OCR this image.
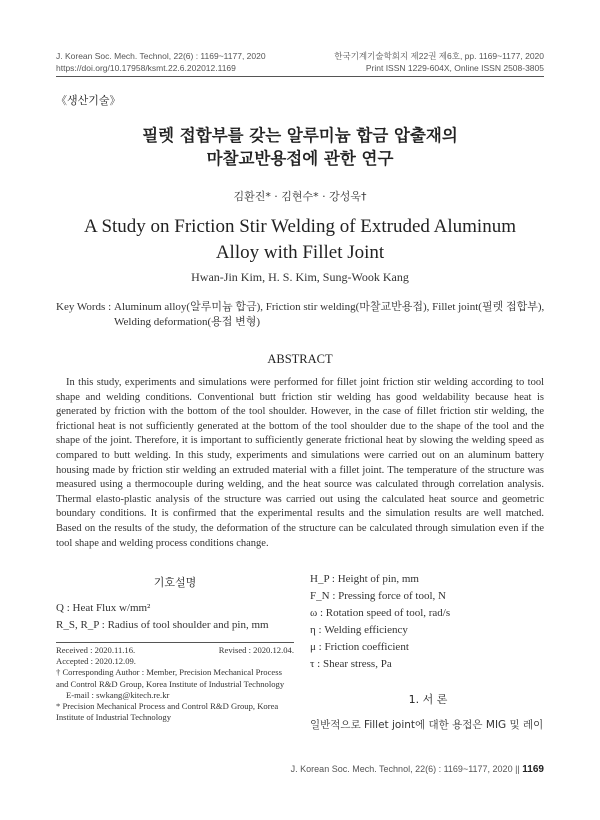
J. Korean Soc. Mech. Technol, 22(6) : 1169~1177, 2020
https://doi.org/10.17958/ksmt.22.6.202012.1169
한국기계기술학회지 제22권 제6호, pp. 1169~1177, 2020
Print ISSN 1229-604X, Online ISSN 2508-3805
《생산기술》
필렛 접합부를 갖는 알루미늄 합금 압출재의
마찰교반용접에 관한 연구
김환진* · 김현수* · 강성욱†
A Study on Friction Stir Welding of Extruded Aluminum
Alloy with Fillet Joint
Hwan-Jin Kim, H. S. Kim, Sung-Wook Kang
Key Words : Aluminum alloy(알루미늄 합금), Friction stir welding(마찰교반용접), Fillet joint(필렛 접합부), Welding deformation(용접 변형)
ABSTRACT

In this study, experiments and simulations were performed for fillet joint friction stir welding according to tool shape and welding conditions. Conventional butt friction stir welding has good weldability because heat is generated by friction with the bottom of the tool shoulder. However, in the case of fillet friction stir welding, the frictional heat is not sufficiently generated at the bottom of the tool shoulder due to the shape of the tool and the shape of the joint. Therefore, it is important to sufficiently generate frictional heat by slowing the welding speed as compared to butt welding. In this study, experiments and simulations were carried out on an aluminum battery housing made by friction stir welding an extruded material with a fillet joint. The temperature of the structure was measured using a thermocouple during welding, and the heat source was calculated through correlation analysis. Thermal elasto-plastic analysis of the structure was carried out using the calculated heat source and geometric boundary conditions. It is confirmed that the experimental results and the simulation results are well matched. Based on the results of the study, the deformation of the structure can be calculated through simulation even if the tool shape and welding process conditions change.

기호설명
Q : Heat Flux w/mm²
R_S, R_P : Radius of tool shoulder and pin, mm
Received : 2020.11.16.	Revised : 2020.12.04.
Accepted : 2020.12.09.
† Corresponding Author : Member, Precision Mechanical Process and Control R&D Group, Korea Institute of Industrial Technology
E-mail : swkang@kitech.re.kr
* Precision Mechanical Process and Control R&D Group, Korea Institute of Industrial Technology
H_P : Height of pin, mm
F_N : Pressing force of tool, N
ω : Rotation speed of tool, rad/s
η : Welding efficiency
μ : Friction coefficient
τ : Shear stress, Pa
1. 서 론
일반적으로 Fillet joint에 대한 용접은 MIG 및 레이
J. Korean Soc. Mech. Technol, 22(6) : 1169~1177, 2020 || 1169
